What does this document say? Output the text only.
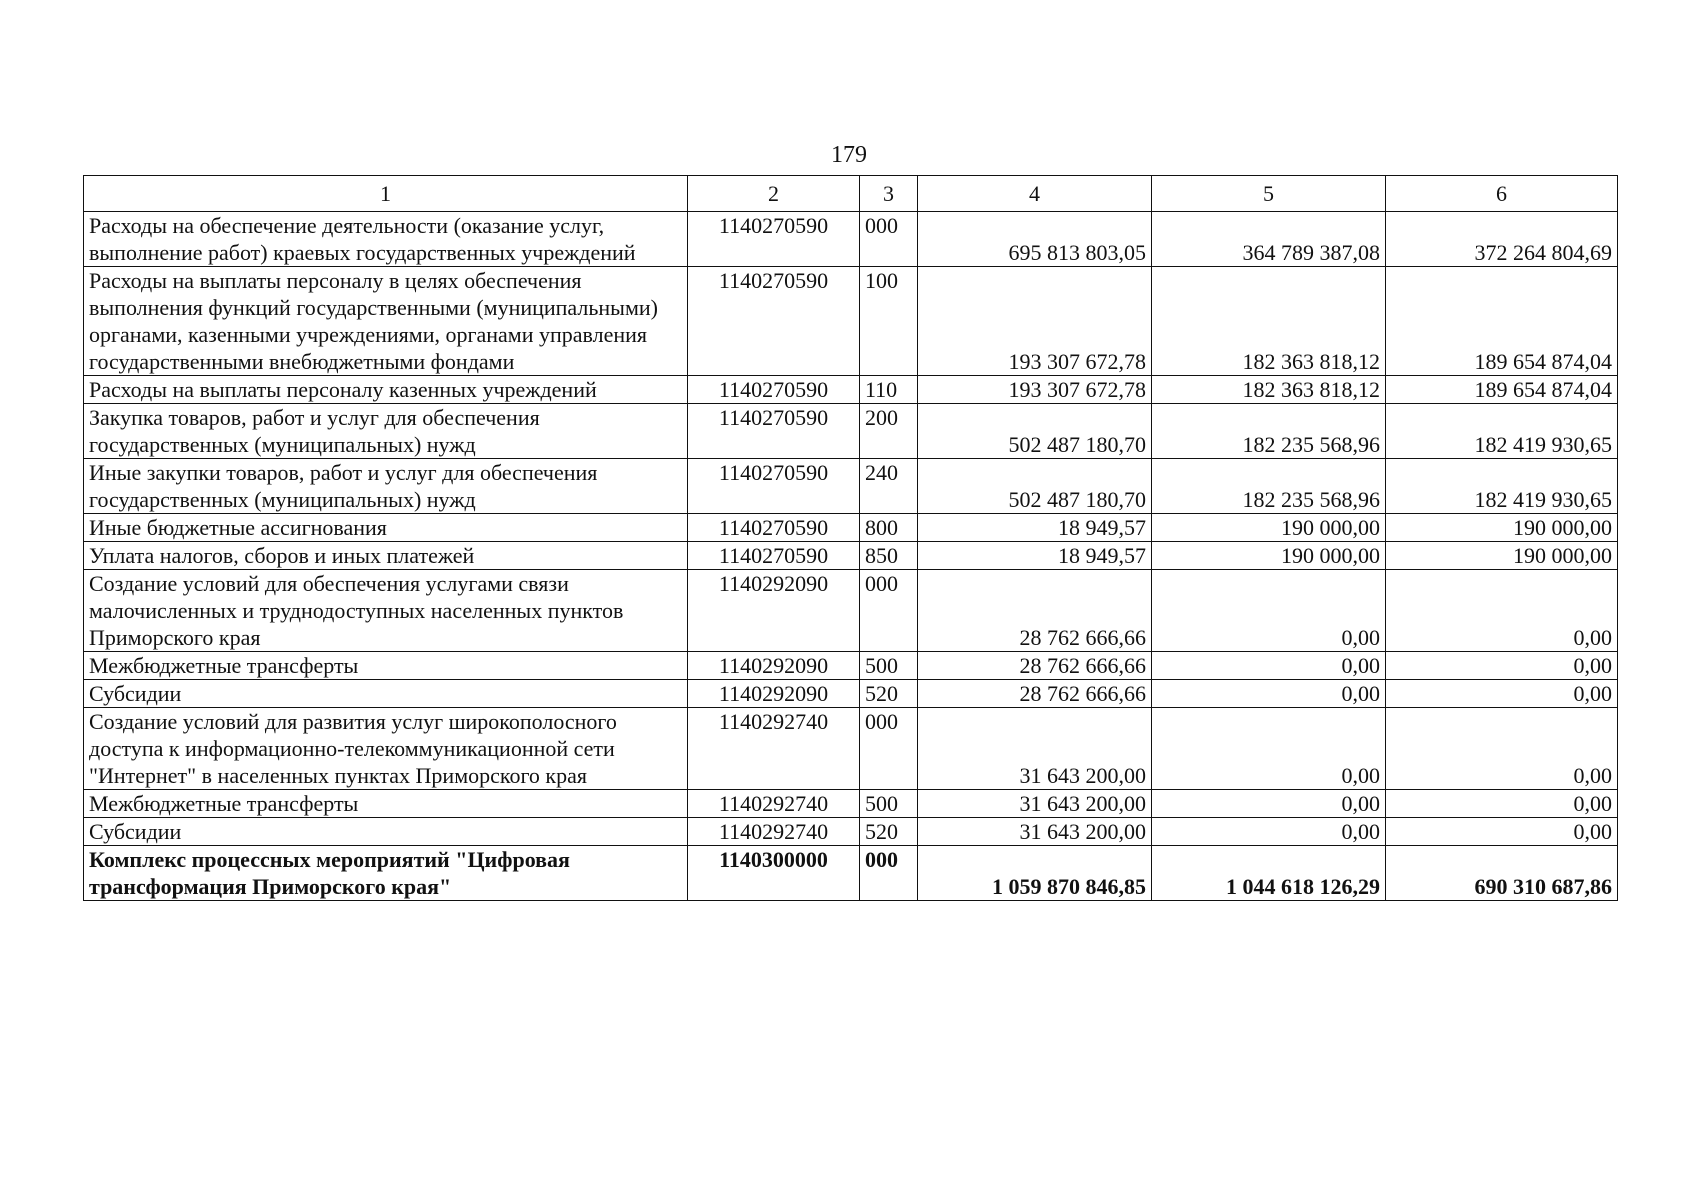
179
1	2	3	4	5	6
Расходы на обеспечение деятельности (оказание услуг, выполнение работ) краевых государственных учреждений	1140270590	000	695 813 803,05	364 789 387,08	372 264 804,69
Расходы на выплаты персоналу в целях обеспечения выполнения функций государственными (муниципальными) органами, казенными учреждениями, органами управления государственными внебюджетными фондами	1140270590	100	193 307 672,78	182 363 818,12	189 654 874,04
Расходы на выплаты персоналу казенных учреждений	1140270590	110	193 307 672,78	182 363 818,12	189 654 874,04
Закупка товаров, работ и услуг для обеспечения государственных (муниципальных) нужд	1140270590	200	502 487 180,70	182 235 568,96	182 419 930,65
Иные закупки товаров, работ и услуг для обеспечения государственных (муниципальных) нужд	1140270590	240	502 487 180,70	182 235 568,96	182 419 930,65
Иные бюджетные ассигнования	1140270590	800	18 949,57	190 000,00	190 000,00
Уплата налогов, сборов и иных платежей	1140270590	850	18 949,57	190 000,00	190 000,00
Создание условий для обеспечения услугами связи малочисленных и труднодоступных населенных пунктов Приморского края	1140292090	000	28 762 666,66	0,00	0,00
Межбюджетные трансферты	1140292090	500	28 762 666,66	0,00	0,00
Субсидии	1140292090	520	28 762 666,66	0,00	0,00
Создание условий для развития услуг широкополосного доступа к информационно-телекоммуникационной сети "Интернет" в населенных пунктах Приморского края	1140292740	000	31 643 200,00	0,00	0,00
Межбюджетные трансферты	1140292740	500	31 643 200,00	0,00	0,00
Субсидии	1140292740	520	31 643 200,00	0,00	0,00
Комплекс процессных мероприятий "Цифровая трансформация Приморского края"	1140300000	000	1 059 870 846,85	1 044 618 126,29	690 310 687,86
